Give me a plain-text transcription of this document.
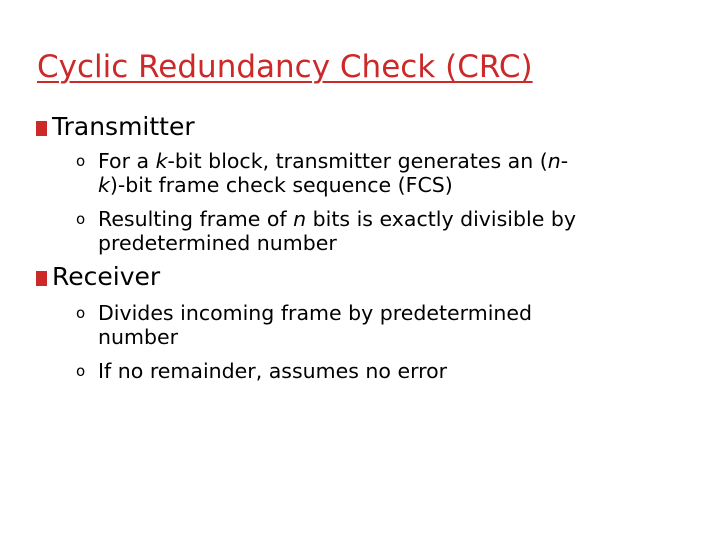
Cyclic Redundancy Check (CRC)
Transmitter
o For a k-bit block, transmitter generates an (n-
k)-bit frame check sequence (FCS)
o Resulting frame of n bits is exactly divisible by
predetermined number
Receiver
o Divides incoming frame by predetermined
number
o If no remainder, assumes no error
